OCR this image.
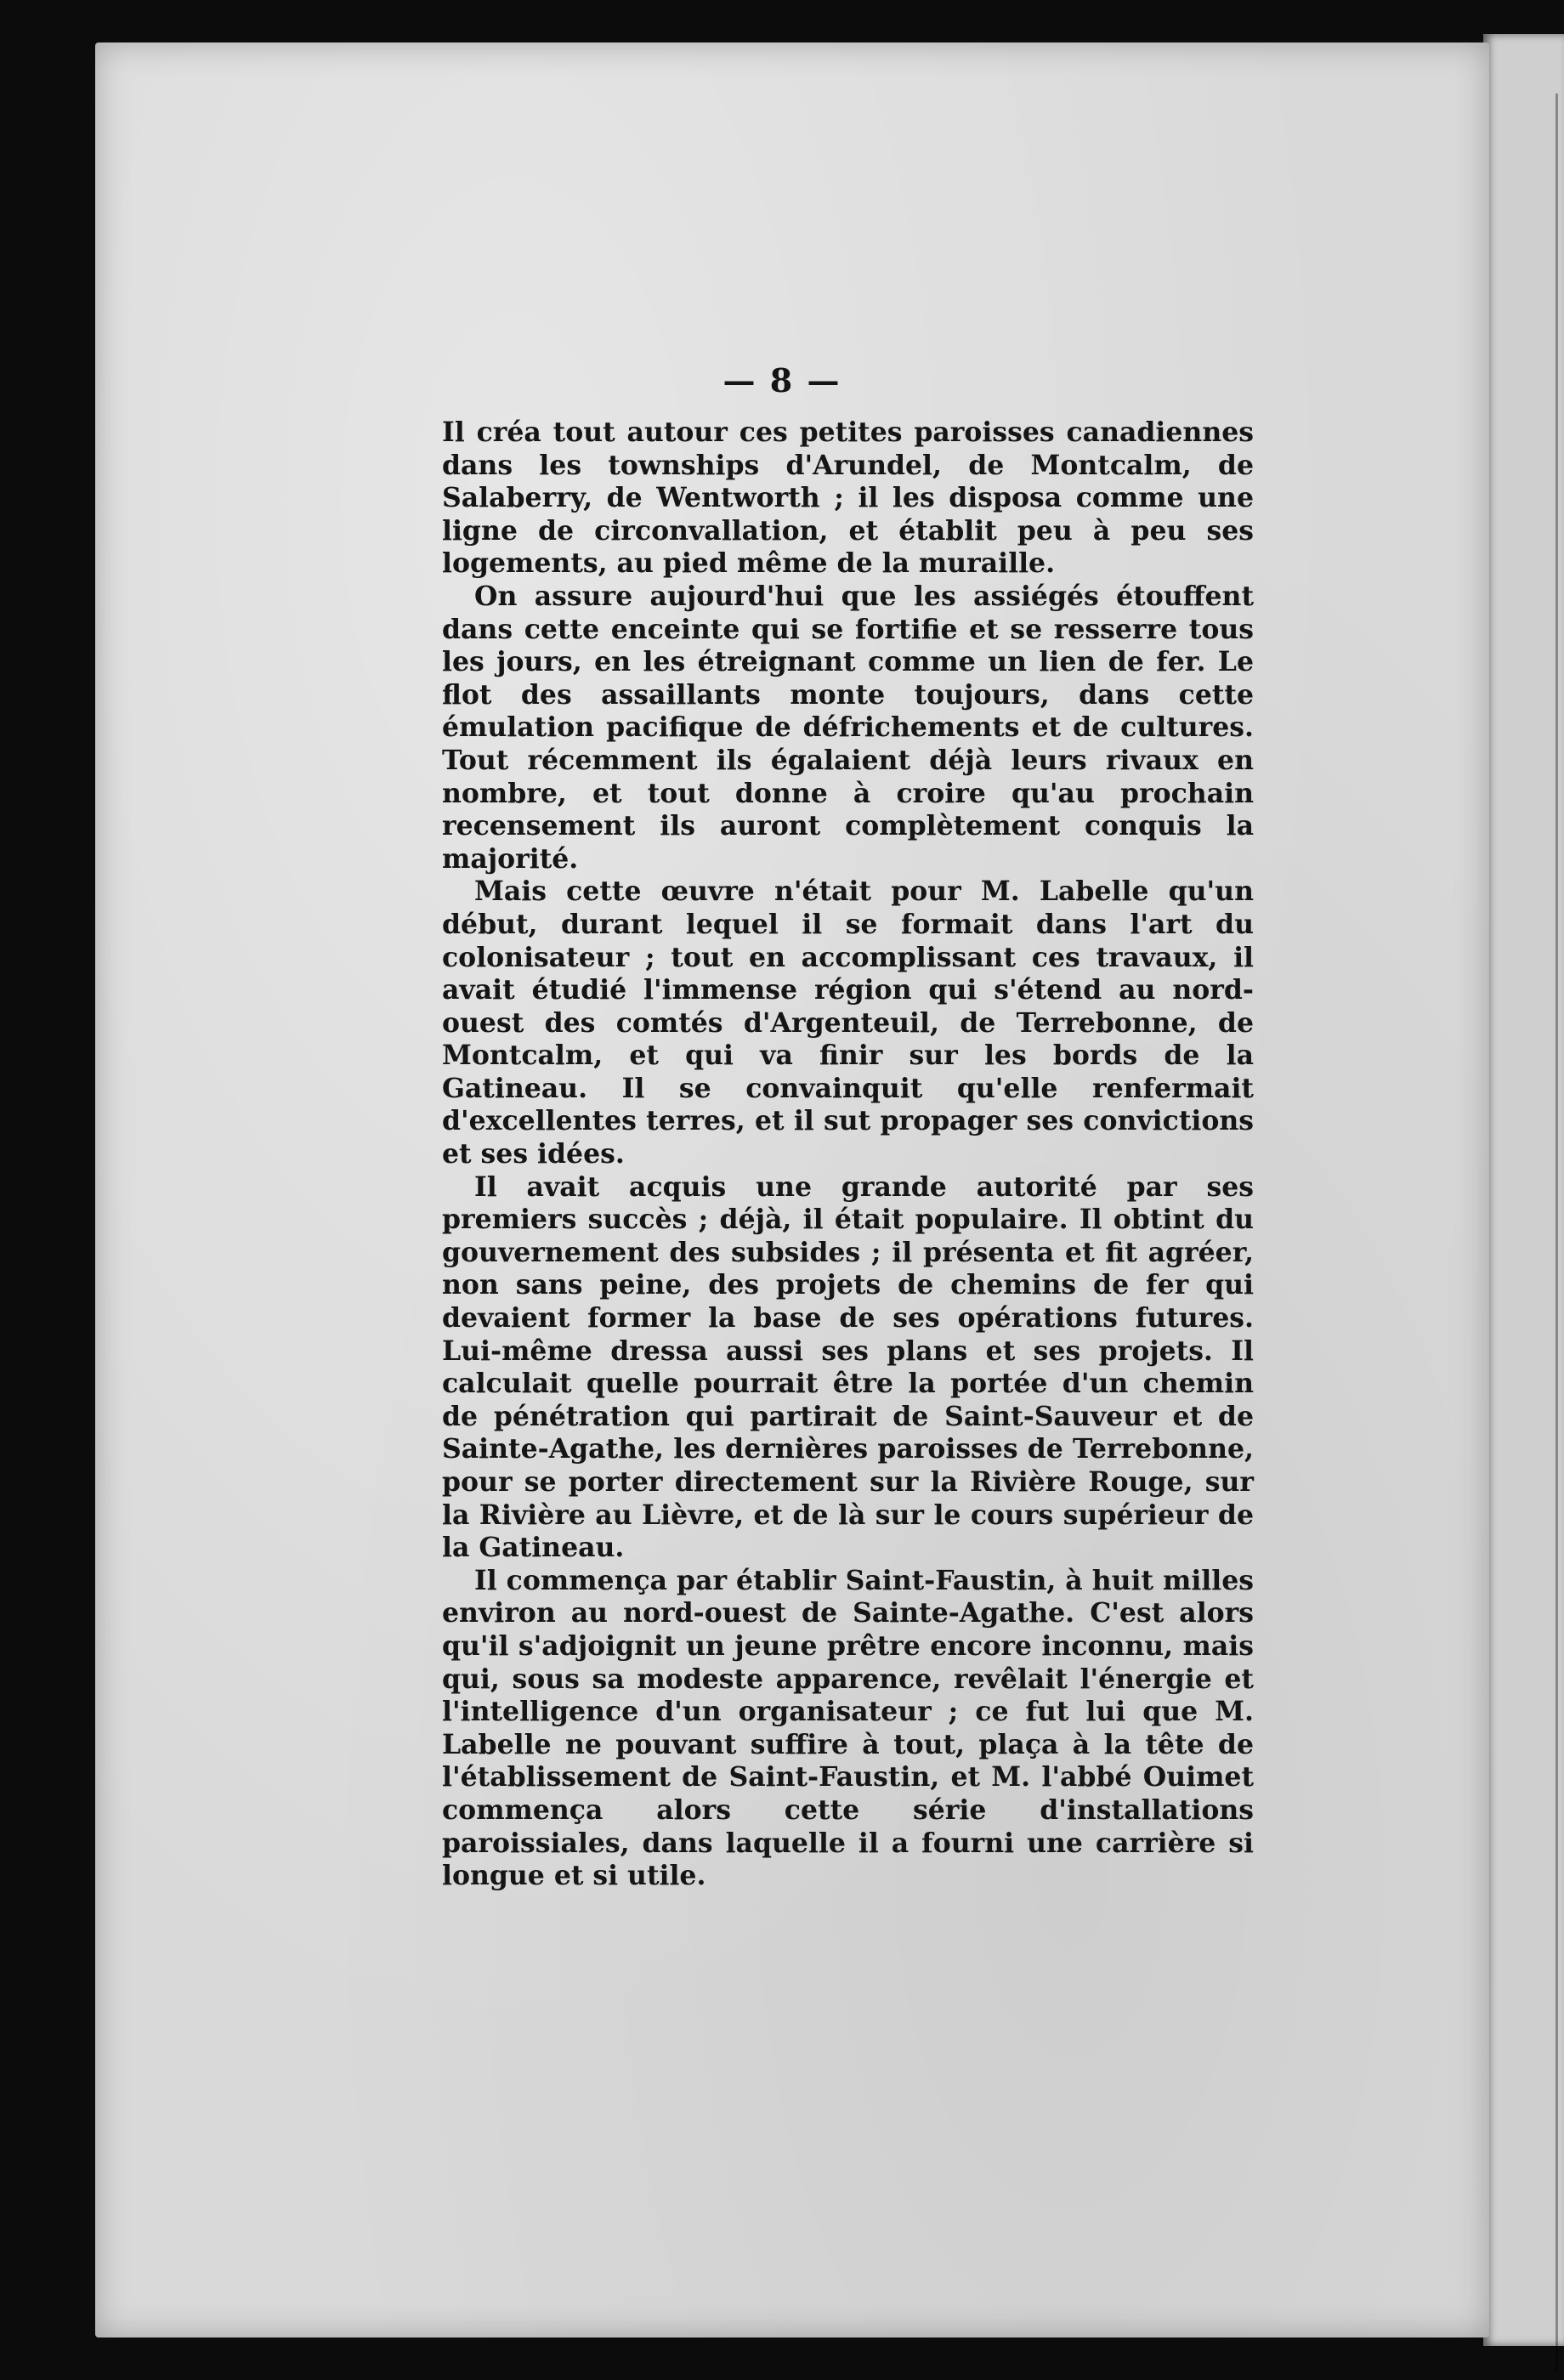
— 8 —

Il créa tout autour ces petites paroisses canadiennes dans les townships d'Arundel, de Montcalm, de Salaberry, de Wentworth ; il les disposa comme une ligne de circonvallation, et établit peu à peu ses logements, au pied même de la muraille.

On assure aujourd'hui que les assiégés étouffent dans cette enceinte qui se fortifie et se resserre tous les jours, en les étreignant comme un lien de fer. Le flot des assaillants monte toujours, dans cette émulation pacifique de défrichements et de cultures. Tout récemment ils égalaient déjà leurs rivaux en nombre, et tout donne à croire qu'au prochain recensement ils auront complètement conquis la majorité.

Mais cette œuvre n'était pour M. Labelle qu'un début, durant lequel il se formait dans l'art du colonisateur ; tout en accomplissant ces travaux, il avait étudié l'immense région qui s'étend au nord-ouest des comtés d'Argenteuil, de Terrebonne, de Montcalm, et qui va finir sur les bords de la Gatineau. Il se convainquit qu'elle renfermait d'excellentes terres, et il sut propager ses convictions et ses idées.

Il avait acquis une grande autorité par ses premiers succès ; déjà, il était populaire. Il obtint du gouvernement des subsides ; il présenta et fit agréer, non sans peine, des projets de chemins de fer qui devaient former la base de ses opérations futures. Lui-même dressa aussi ses plans et ses projets. Il calculait quelle pourrait être la portée d'un chemin de pénétration qui partirait de Saint-Sauveur et de Sainte-Agathe, les dernières paroisses de Terrebonne, pour se porter directement sur la Rivière Rouge, sur la Rivière au Lièvre, et de là sur le cours supérieur de la Gatineau.

Il commença par établir Saint-Faustin, à huit milles environ au nord-ouest de Sainte-Agathe. C'est alors qu'il s'adjoignit un jeune prêtre encore inconnu, mais qui, sous sa modeste apparence, revêlait l'énergie et l'intelligence d'un organisateur ; ce fut lui que M. Labelle ne pouvant suffire à tout, plaça à la tête de l'établissement de Saint-Faustin, et M. l'abbé Ouimet commença alors cette série d'installations paroissiales, dans laquelle il a fourni une carrière si longue et si utile.
